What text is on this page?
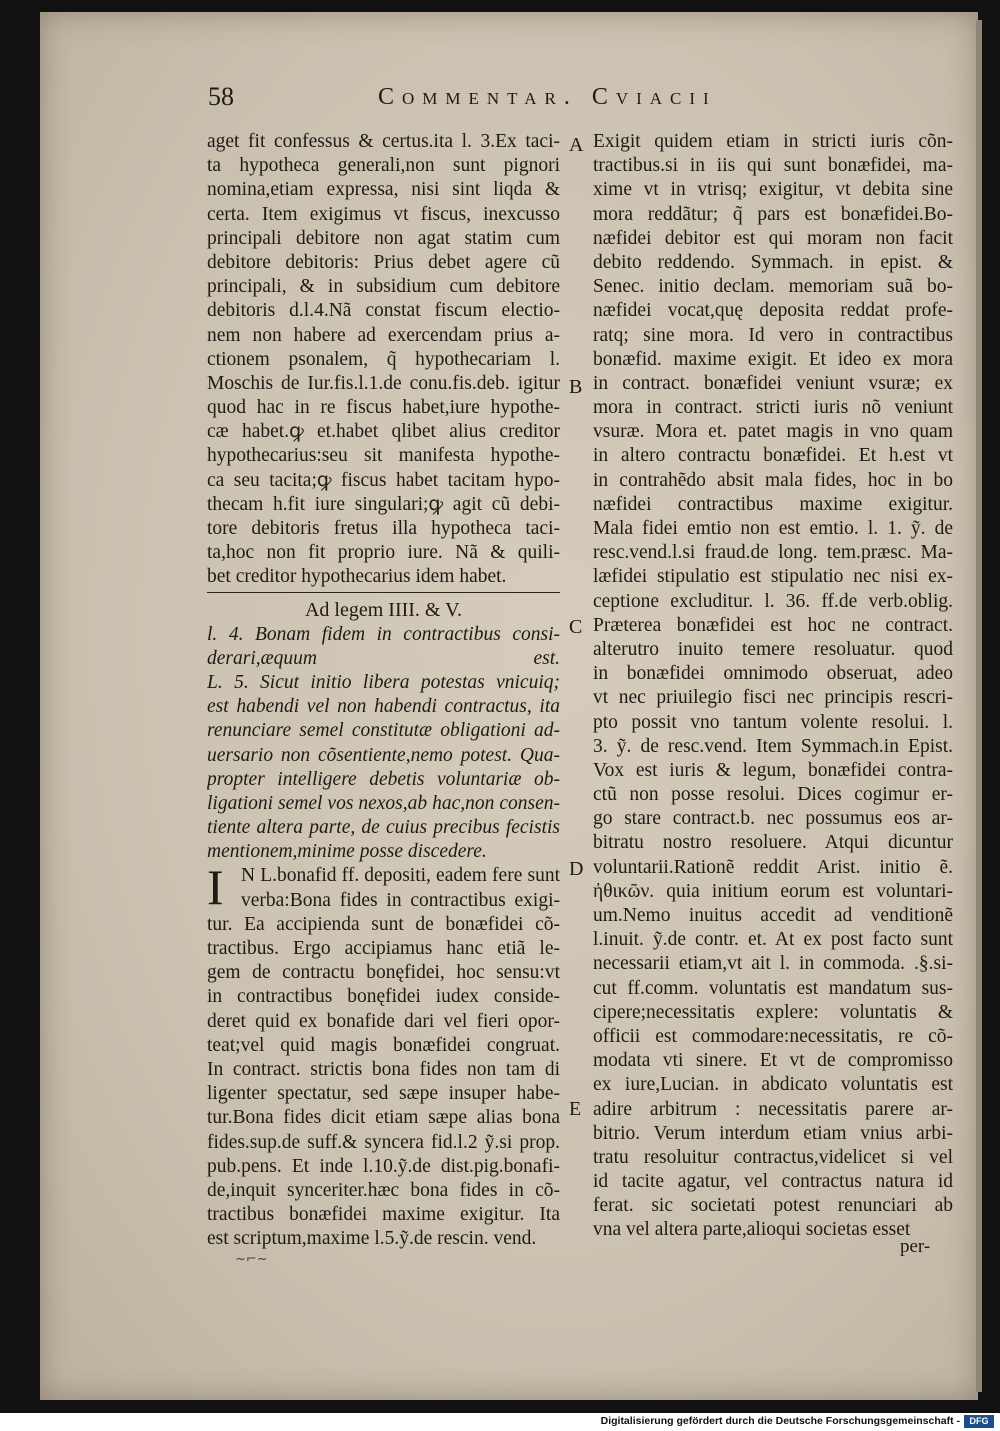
58	Commentar. Cviacii
aget fit confessus & certus.ita l. 3.Ex taci-
ta hypotheca generali,non sunt pignori
nomina,etiam expressa, nisi sint liqda &
certa. Item exigimus vt fiscus, inexcusso
principali debitore non agat statim cum
debitore debitoris: Prius debet agere cũ
principali, & in subsidium cum debitore
debitoris d.l.4.Nã constat fiscum electio-
nem non habere ad exercendam prius a-
ctionem psonalem, q̃ hypothecariam l.
Moschis de Iur.fis.l.1.de conu.fis.deb. igitur
quod hac in re fiscus habet,iure hypothe-
cæ habet.ꝙ et.habet qlibet alius creditor
hypothecarius:seu sit manifesta hypothe-
ca seu tacita;ꝙ fiscus habet tacitam hypo-
thecam h.fit iure singulari;ꝙ agit cũ debi-
tore debitoris fretus illa hypotheca taci-
ta,hoc non fit proprio iure. Nã & quili-
bet creditor hypothecarius idem habet.
Ad legem IIII. & V.
l. 4. Bonam fidem in contractibus consi-
derari,æquum est.
L. 5. Sicut initio libera potestas vnicuiq;
est habendi vel non habendi contractus, ita
renunciare semel constitutæ obligationi ad-
uersario non cõsentiente,nemo potest. Qua-
propter intelligere debetis voluntariæ ob-
ligationi semel vos nexos,ab hac,non consen-
tiente altera parte, de cuius precibus fecistis
mentionem,minime posse discedere.
I N L.bonafid ff. depositi, eadem fere sunt
verba:Bona fides in contractibus exigi-
tur. Ea accipienda sunt de bonæfidei cõ-
tractibus. Ergo accipiamus hanc etiã le-
gem de contractu bonęfidei, hoc sensu:vt
in contractibus bonęfidei iudex conside-
deret quid ex bonafide dari vel fieri opor-
teat;vel quid magis bonæfidei congruat.
In contract. strictis bona fides non tam di
ligenter spectatur, sed sæpe insuper habe-
tur.Bona fides dicit etiam sæpe alias bona
fides.sup.de suff.& syncera fid.l.2 ỹ.si prop.
pub.pens. Et inde l.10.ỹ.de dist.pig.bonafi-
de,inquit synceriter.hæc bona fides in cõ-
tractibus bonæfidei maxime exigitur. Ita
est scriptum,maxime l.5.ỹ.de rescin. vend.
Exigit quidem etiam in stricti iuris cõn-
tractibus.si in iis qui sunt bonæfidei, ma-
xime vt in vtrisq; exigitur, vt debita sine
mora reddãtur; q̃ pars est bonæfidei.Bo-
næfidei debitor est qui moram non facit
debito reddendo. Symmach. in epist. &
Senec. initio declam. memoriam suã bo-
næfidei vocat,quę deposita reddat profe-
ratq; sine mora. Id vero in contractibus
bonæfid. maxime exigit. Et ideo ex mora
in contract. bonæfidei veniunt vsuræ; ex
mora in contract. stricti iuris nõ veniunt
vsuræ. Mora et. patet magis in vno quam
in altero contractu bonæfidei. Et h.est vt
in contrahẽdo absit mala fides, hoc in bo
næfidei contractibus maxime exigitur.
Mala fidei emtio non est emtio. l. 1. ỹ. de
resc.vend.l.si fraud.de long. tem.præsc. Ma-
læfidei stipulatio est stipulatio nec nisi ex-
ceptione excluditur. l. 36. ff.de verb.oblig.
Præterea bonæfidei est hoc ne contract.
alterutro inuito temere resoluatur. quod
in bonæfidei omnimodo obseruat, adeo
vt nec priuilegio fisci nec principis rescri-
pto possit vno tantum volente resolui. l.
3. ỹ. de resc.vend. Item Symmach.in Epist.
Vox est iuris & legum, bonæfidei contra-
ctũ non posse resolui. Dices cogimur er-
go stare contract.b. nec possumus eos ar-
bitratu nostro resoluere. Atqui dicuntur
voluntarii.Rationẽ reddit Arist. initio ẽ.
ἠθικῶν. quia initium eorum est voluntari-
um.Nemo inuitus accedit ad venditionẽ
l.inuit. ỹ.de contr. et. At ex post facto sunt
necessarii etiam,vt ait l. in commoda. .§.si-
cut ff.comm. voluntatis est mandatum sus-
cipere;necessitatis explere: voluntatis &
officii est commodare:necessitatis, re cõ-
modata vti sinere. Et vt de compromisso
ex iure,Lucian. in abdicato voluntatis est
adire arbitrum : necessitatis parere ar-
bitrio. Verum interdum etiam vnius arbi-
tratu resoluitur contractus,videlicet si vel
id tacite agatur, vel contractus natura id
ferat. sic societati potest renunciari ab
vna vel altera parte,alioqui societas esset
A
B
C
D
E
per-
~⌐~
Digitalisierung gefördert durch die Deutsche Forschungsgemeinschaft -	DFG
